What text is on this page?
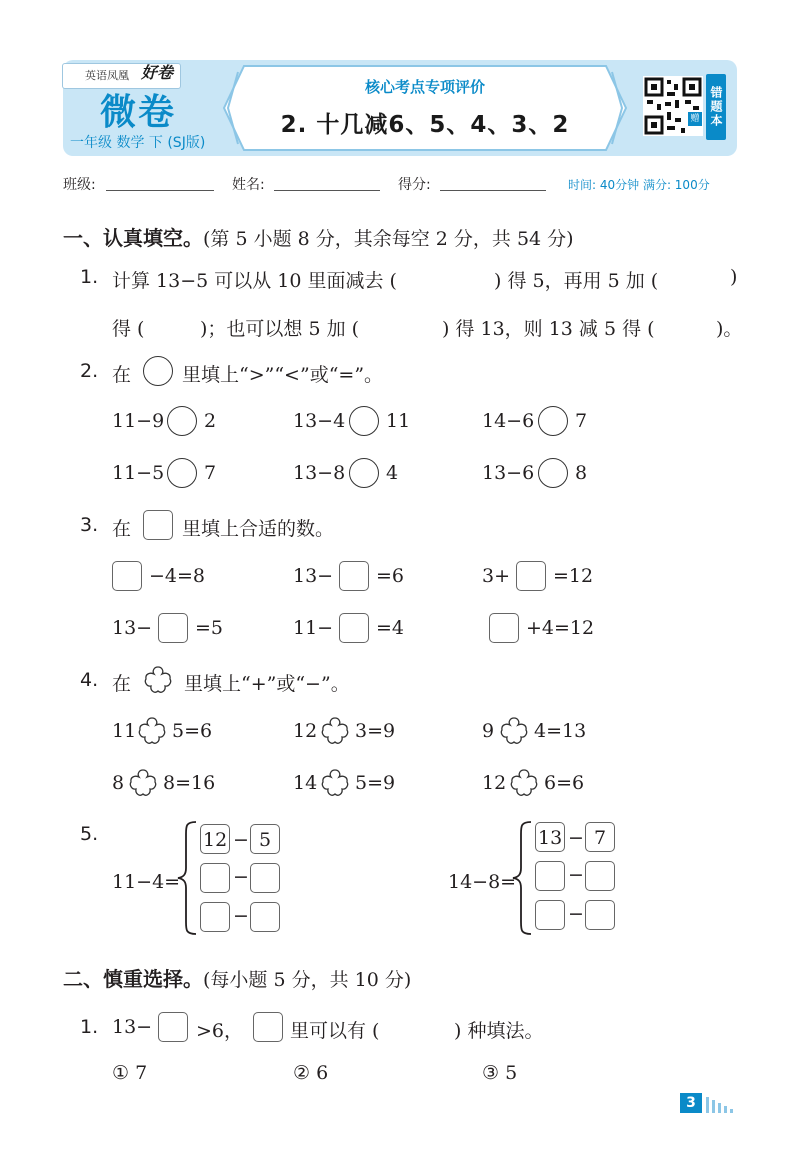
英语凤凰 好卷
微卷
一年级 数学 下 (SJ版)
核心考点专项评价
2. 十几减6、5、4、3、2	赠 错题本
班级:	姓名:	得分:	时间: 40分钟 满分: 100分
一、认真填空。(第 5 小题 8 分，其余每空 2 分，共 54 分)
1. 计算 13−5 可以从 10 里面减去 (	) 得 5，再用 5 加 (	)
得 (	)；也可以想 5 加 (	) 得 13，则 13 减 5 得 (	)。
2. 在	里填上“>”“<”或“=”。
11−9 2	13−4 11	14−6 7
11−5 7	13−8 4	13−6 8
3. 在	里填上合适的数。
−4=8	13− =6	3+ =12
13− =5	11− =4	+4=12
4. 在	里填上“+”或“−”。
11 5=6	12 3=9	9 4=13
8 8=16	14 5=9	12 6=6
5.
11−4=
12 − 5
−
−
14−8=
13 − 7
−
−
二、慎重选择。(每小题 5 分，共 10 分)
1. 13− >6， 里可以有 (	) 种填法。
① 7	② 6	③ 5
3
